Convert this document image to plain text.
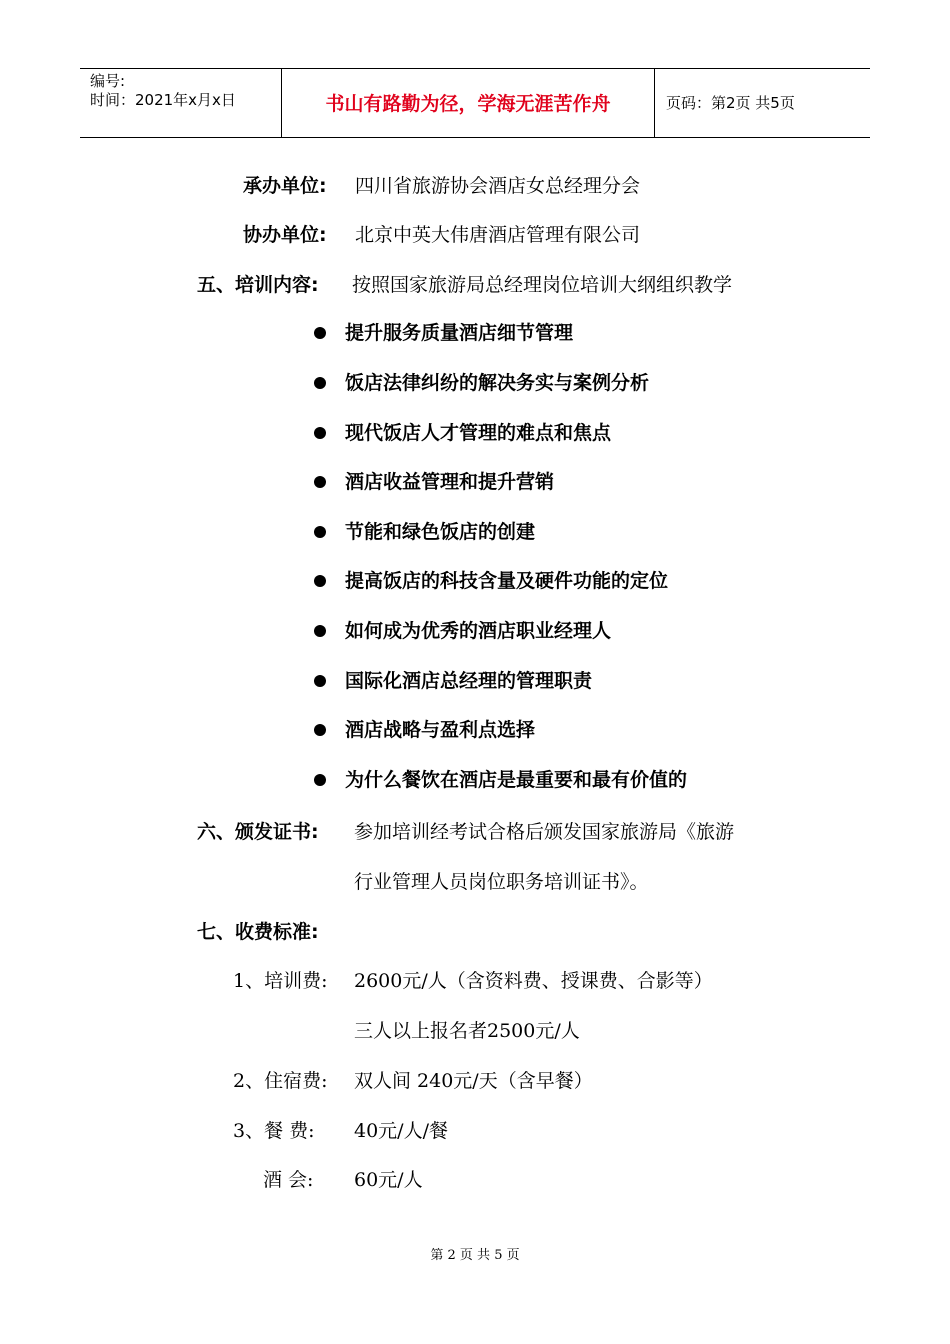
编号:
时间：2021年x月x日	书山有路勤为径，学海无涯苦作舟	页码：第2页 共5页
承办单位: 四川省旅游协会酒店女总经理分会
协办单位: 北京中英大伟唐酒店管理有限公司
五、培训内容: 按照国家旅游局总经理岗位培训大纲组织教学
提升服务质量酒店细节管理
饭店法律纠纷的解决务实与案例分析
现代饭店人才管理的难点和焦点
酒店收益管理和提升营销
节能和绿色饭店的创建
提高饭店的科技含量及硬件功能的定位
如何成为优秀的酒店职业经理人
国际化酒店总经理的管理职责
酒店战略与盈利点选择
为什么餐饮在酒店是最重要和最有价值的
六、颁发证书: 参加培训经考试合格后颁发国家旅游局《旅游
行业管理人员岗位职务培训证书》。
七、收费标准:
1、培训费: 2600元/人（含资料费、授课费、合影等）
三人以上报名者2500元/人
2、住宿费: 双人间 240元/天（含早餐）
3、餐 费: 40元/人/餐
酒 会: 60元/人
第 2 页 共 5 页
